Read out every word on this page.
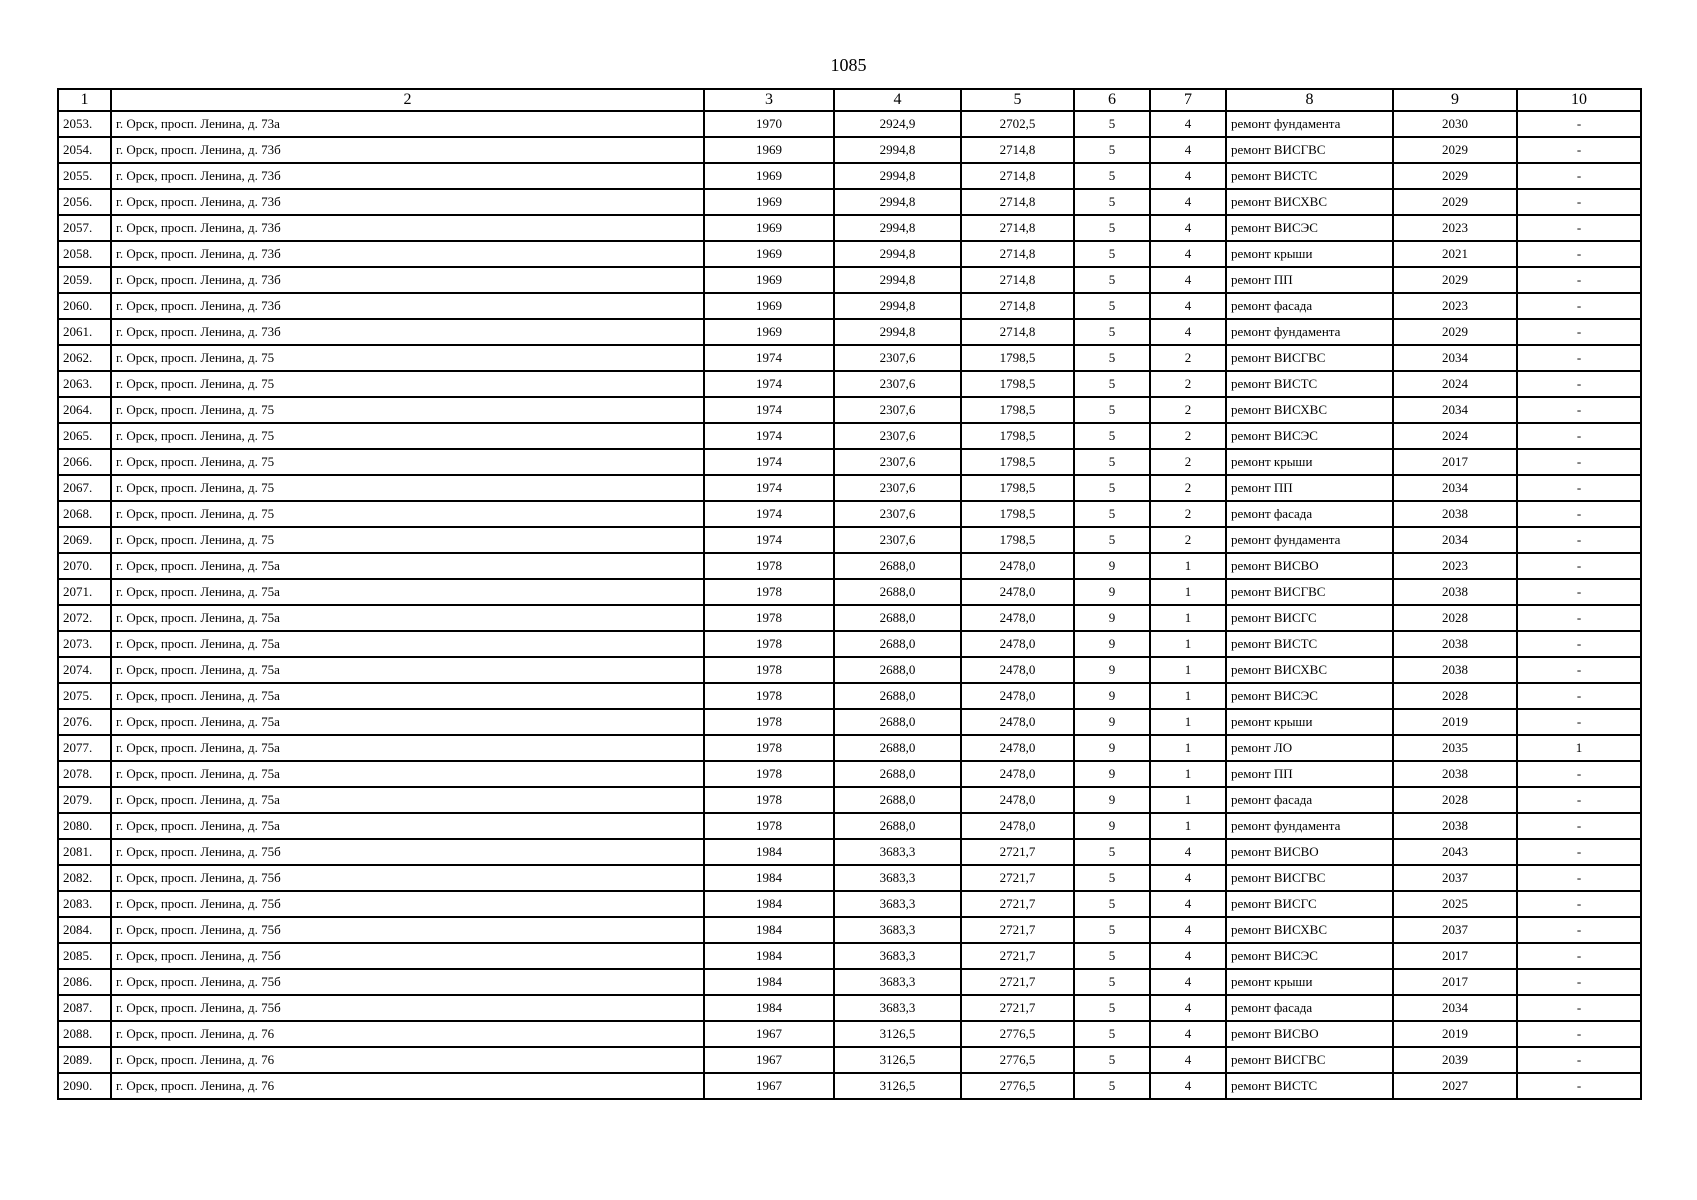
1085
1	2	3	4	5	6	7	8	9	10
2053.	г. Орск, просп. Ленина, д. 73а	1970	2924,9	2702,5	5	4	ремонт фундамента	2030	-
2054.	г. Орск, просп. Ленина, д. 73б	1969	2994,8	2714,8	5	4	ремонт ВИСГВС	2029	-
2055.	г. Орск, просп. Ленина, д. 73б	1969	2994,8	2714,8	5	4	ремонт ВИСТС	2029	-
2056.	г. Орск, просп. Ленина, д. 73б	1969	2994,8	2714,8	5	4	ремонт ВИСХВС	2029	-
2057.	г. Орск, просп. Ленина, д. 73б	1969	2994,8	2714,8	5	4	ремонт ВИСЭС	2023	-
2058.	г. Орск, просп. Ленина, д. 73б	1969	2994,8	2714,8	5	4	ремонт крыши	2021	-
2059.	г. Орск, просп. Ленина, д. 73б	1969	2994,8	2714,8	5	4	ремонт ПП	2029	-
2060.	г. Орск, просп. Ленина, д. 73б	1969	2994,8	2714,8	5	4	ремонт фасада	2023	-
2061.	г. Орск, просп. Ленина, д. 73б	1969	2994,8	2714,8	5	4	ремонт фундамента	2029	-
2062.	г. Орск, просп. Ленина, д. 75	1974	2307,6	1798,5	5	2	ремонт ВИСГВС	2034	-
2063.	г. Орск, просп. Ленина, д. 75	1974	2307,6	1798,5	5	2	ремонт ВИСТС	2024	-
2064.	г. Орск, просп. Ленина, д. 75	1974	2307,6	1798,5	5	2	ремонт ВИСХВС	2034	-
2065.	г. Орск, просп. Ленина, д. 75	1974	2307,6	1798,5	5	2	ремонт ВИСЭС	2024	-
2066.	г. Орск, просп. Ленина, д. 75	1974	2307,6	1798,5	5	2	ремонт крыши	2017	-
2067.	г. Орск, просп. Ленина, д. 75	1974	2307,6	1798,5	5	2	ремонт ПП	2034	-
2068.	г. Орск, просп. Ленина, д. 75	1974	2307,6	1798,5	5	2	ремонт фасада	2038	-
2069.	г. Орск, просп. Ленина, д. 75	1974	2307,6	1798,5	5	2	ремонт фундамента	2034	-
2070.	г. Орск, просп. Ленина, д. 75а	1978	2688,0	2478,0	9	1	ремонт ВИСВО	2023	-
2071.	г. Орск, просп. Ленина, д. 75а	1978	2688,0	2478,0	9	1	ремонт ВИСГВС	2038	-
2072.	г. Орск, просп. Ленина, д. 75а	1978	2688,0	2478,0	9	1	ремонт ВИСГС	2028	-
2073.	г. Орск, просп. Ленина, д. 75а	1978	2688,0	2478,0	9	1	ремонт ВИСТС	2038	-
2074.	г. Орск, просп. Ленина, д. 75а	1978	2688,0	2478,0	9	1	ремонт ВИСХВС	2038	-
2075.	г. Орск, просп. Ленина, д. 75а	1978	2688,0	2478,0	9	1	ремонт ВИСЭС	2028	-
2076.	г. Орск, просп. Ленина, д. 75а	1978	2688,0	2478,0	9	1	ремонт крыши	2019	-
2077.	г. Орск, просп. Ленина, д. 75а	1978	2688,0	2478,0	9	1	ремонт ЛО	2035	1
2078.	г. Орск, просп. Ленина, д. 75а	1978	2688,0	2478,0	9	1	ремонт ПП	2038	-
2079.	г. Орск, просп. Ленина, д. 75а	1978	2688,0	2478,0	9	1	ремонт фасада	2028	-
2080.	г. Орск, просп. Ленина, д. 75а	1978	2688,0	2478,0	9	1	ремонт фундамента	2038	-
2081.	г. Орск, просп. Ленина, д. 75б	1984	3683,3	2721,7	5	4	ремонт ВИСВО	2043	-
2082.	г. Орск, просп. Ленина, д. 75б	1984	3683,3	2721,7	5	4	ремонт ВИСГВС	2037	-
2083.	г. Орск, просп. Ленина, д. 75б	1984	3683,3	2721,7	5	4	ремонт ВИСГС	2025	-
2084.	г. Орск, просп. Ленина, д. 75б	1984	3683,3	2721,7	5	4	ремонт ВИСХВС	2037	-
2085.	г. Орск, просп. Ленина, д. 75б	1984	3683,3	2721,7	5	4	ремонт ВИСЭС	2017	-
2086.	г. Орск, просп. Ленина, д. 75б	1984	3683,3	2721,7	5	4	ремонт крыши	2017	-
2087.	г. Орск, просп. Ленина, д. 75б	1984	3683,3	2721,7	5	4	ремонт фасада	2034	-
2088.	г. Орск, просп. Ленина, д. 76	1967	3126,5	2776,5	5	4	ремонт ВИСВО	2019	-
2089.	г. Орск, просп. Ленина, д. 76	1967	3126,5	2776,5	5	4	ремонт ВИСГВС	2039	-
2090.	г. Орск, просп. Ленина, д. 76	1967	3126,5	2776,5	5	4	ремонт ВИСТС	2027	-
